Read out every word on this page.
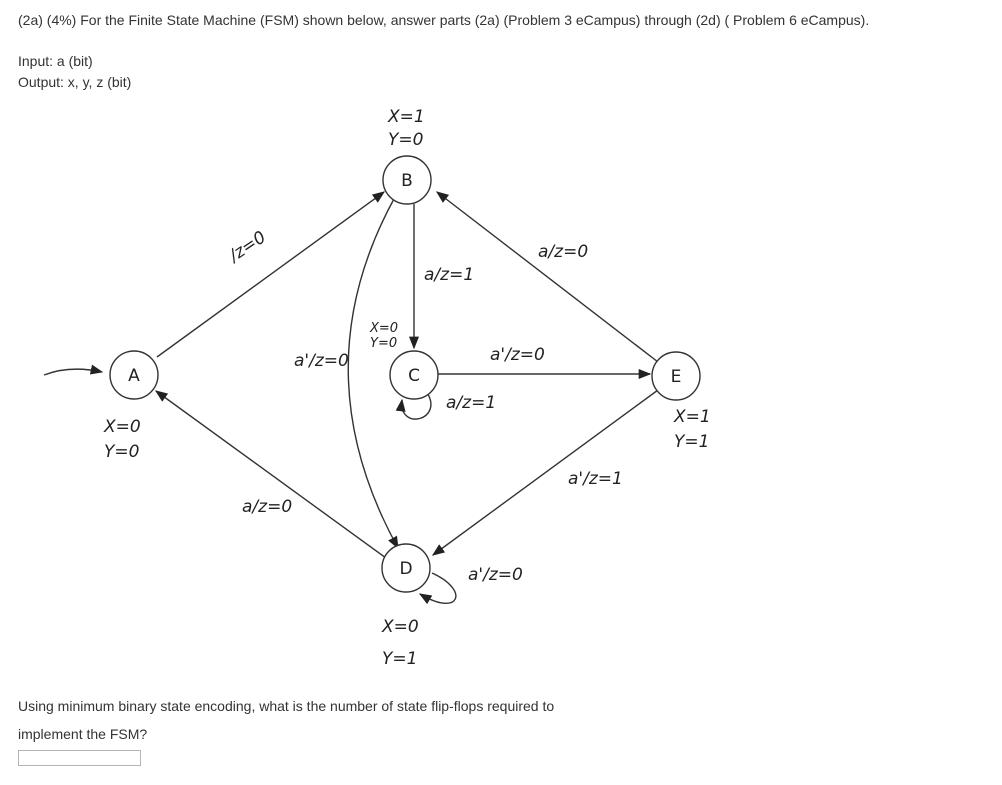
(2a) (4%) For the Finite State Machine (FSM) shown below, answer parts (2a) (Problem 3 eCampus) through (2d) ( Problem 6 eCampus).
Input: a (bit)
Output: x, y, z (bit)
A
B
C
D
E
X=1
Y=0
X=0
Y=0
X=0
Y=0
X=1
Y=1
X=0
Y=1
/z=0
a/z=1
a/z=0
a'/z=0
a/z=1
a'/z=0
a/z=0
a'/z=1
a'/z=0
Using minimum binary state encoding, what is the number of state flip-flops required to implement the FSM?
